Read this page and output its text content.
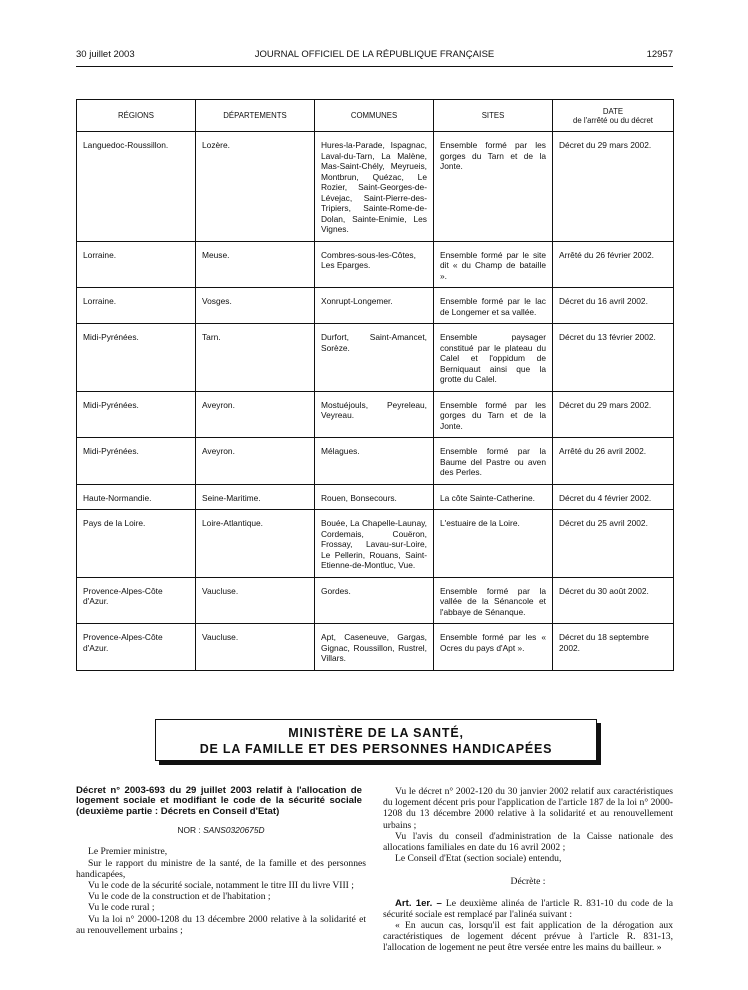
30 juillet 2003	JOURNAL OFFICIEL DE LA RÉPUBLIQUE FRANÇAISE	12957
RÉGIONS	DÉPARTEMENTS	COMMUNES	SITES	DATE
de l'arrêté ou du décret
Languedoc-Roussillon.	Lozère.	Hures-la-Parade, Ispagnac, Laval-du-Tarn, La Malène, Mas-Saint-Chély, Meyrueis, Montbrun, Quézac, Le Rozier, Saint-Georges-de-Lévejac, Saint-Pierre-des-Tripiers, Sainte-Rome-de-Dolan, Sainte-Enimie, Les Vignes.	Ensemble formé par les gorges du Tarn et de la Jonte.	Décret du 29 mars 2002.
Lorraine.	Meuse.	Combres-sous-les-Côtes, Les Eparges.	Ensemble formé par le site dit « du Champ de bataille ».	Arrêté du 26 février 2002.
Lorraine.	Vosges.	Xonrupt-Longemer.	Ensemble formé par le lac de Longemer et sa vallée.	Décret du 16 avril 2002.
Midi-Pyrénées.	Tarn.	Durfort, Saint-Amancet, Sorèze.	Ensemble paysager constitué par le plateau du Calel et l'oppidum de Berniquaut ainsi que la grotte du Calel.	Décret du 13 février 2002.
Midi-Pyrénées.	Aveyron.	Mostuéjouls, Peyreleau, Veyreau.	Ensemble formé par les gorges du Tarn et de la Jonte.	Décret du 29 mars 2002.
Midi-Pyrénées.	Aveyron.	Mélagues.	Ensemble formé par la Baume del Pastre ou aven des Perles.	Arrêté du 26 avril 2002.
Haute-Normandie.	Seine-Maritime.	Rouen, Bonsecours.	La côte Sainte-Catherine.	Décret du 4 février 2002.
Pays de la Loire.	Loire-Atlantique.	Bouée, La Chapelle-Launay, Cordemais, Couëron, Frossay, Lavau-sur-Loire, Le Pellerin, Rouans, Saint-Etienne-de-Montluc, Vue.	L'estuaire de la Loire.	Décret du 25 avril 2002.
Provence-Alpes-Côte d'Azur.	Vaucluse.	Gordes.	Ensemble formé par la vallée de la Sénancole et l'abbaye de Sénanque.	Décret du 30 août 2002.
Provence-Alpes-Côte d'Azur.	Vaucluse.	Apt, Caseneuve, Gargas, Gignac, Roussillon, Rustrel, Villars.	Ensemble formé par les « Ocres du pays d'Apt ».	Décret du 18 septembre 2002.
MINISTÈRE DE LA SANTÉ,
DE LA FAMILLE ET DES PERSONNES HANDICAPÉES
Décret n° 2003-693 du 29 juillet 2003 relatif à l'allocation de logement sociale et modifiant le code de la sécurité sociale (deuxième partie : Décrets en Conseil d'Etat)
NOR : SANS0320675D

Le Premier ministre,

Sur le rapport du ministre de la santé, de la famille et des personnes handicapées,

Vu le code de la sécurité sociale, notamment le titre III du livre VIII ;

Vu le code de la construction et de l'habitation ;

Vu le code rural ;

Vu la loi n° 2000-1208 du 13 décembre 2000 relative à la solidarité et au renouvellement urbains ;

Vu le décret n° 2002-120 du 30 janvier 2002 relatif aux caractéristiques du logement décent pris pour l'application de l'article 187 de la loi n° 2000-1208 du 13 décembre 2000 relative à la solidarité et au renouvellement urbains ;

Vu l'avis du conseil d'administration de la Caisse nationale des allocations familiales en date du 16 avril 2002 ;

Le Conseil d'Etat (section sociale) entendu,

Décrète :

Art. 1er. – Le deuxième alinéa de l'article R. 831-10 du code de la sécurité sociale est remplacé par l'alinéa suivant :

« En aucun cas, lorsqu'il est fait application de la dérogation aux caractéristiques de logement décent prévue à l'article R. 831-13, l'allocation de logement ne peut être versée entre les mains du bailleur. »
